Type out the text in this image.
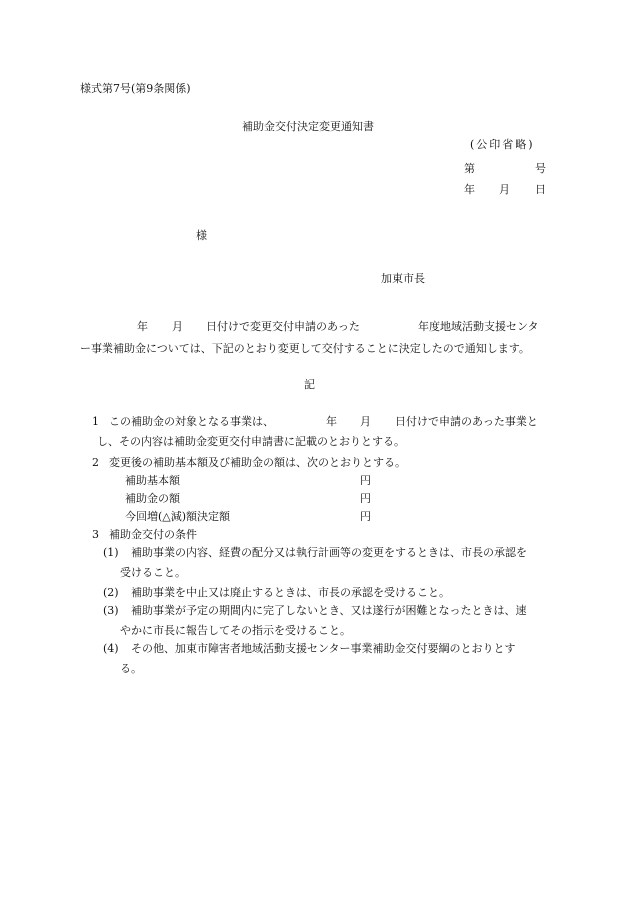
様式第7号(第9条関係)
補助金交付決定変更通知書
(公印省略)
第	号
年 月 日
様
加東市長
年 月 日付けで変更交付申請のあった	年度地域活動支援センタ
ー事業補助金については、下記のとおり変更して交付することに決定したので通知します。
記
1 この補助金の対象となる事業は、	年 月 日付けで申請のあった事業と
し、その内容は補助金変更交付申請書に記載のとおりとする。
2 変更後の補助基本額及び補助金の額は、次のとおりとする。
補助基本額	円
補助金の額	円
今回増(△減)額決定額	円
3 補助金交付の条件
(1) 補助事業の内容、経費の配分又は執行計画等の変更をするときは、市長の承認を
受けること。
(2) 補助事業を中止又は廃止するときは、市長の承認を受けること。
(3) 補助事業が予定の期間内に完了しないとき、又は遂行が困難となったときは、速
やかに市長に報告してその指示を受けること。
(4) その他、加東市障害者地域活動支援センター事業補助金交付要綱のとおりとす
る。
